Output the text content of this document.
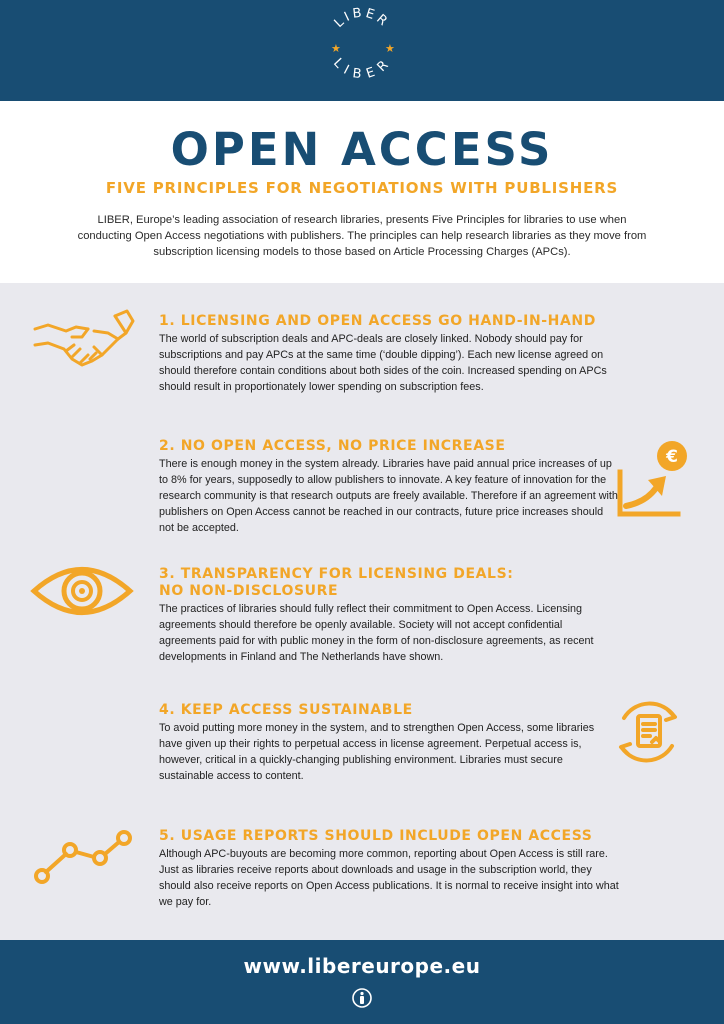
LIBER
LIBER
★	★
OPEN ACCESS
FIVE PRINCIPLES FOR NEGOTIATIONS WITH PUBLISHERS
LIBER, Europe’s leading association of research libraries, presents Five Principles for libraries to use when conducting Open Access negotiations with publishers. The principles can help research libraries as they move from subscription licensing models to those based on Article Processing Charges (APCs).
1. LICENSING AND OPEN ACCESS GO HAND-IN-HAND

The world of subscription deals and APC-deals are closely linked. Nobody should pay for subscriptions and pay APCs at the same time (‘double dipping’). Each new license agreed on should therefore contain conditions about both sides of the coin. Increased spending on APCs should result in proportionately lower spending on subscription fees.

2. NO OPEN ACCESS, NO PRICE INCREASE

There is enough money in the system already. Libraries have paid annual price increases of up to 8% for years, supposedly to allow publishers to innovate. A key feature of innovation for the research community is that research outputs are freely available. Therefore if an agreement with publishers on Open Access cannot be reached in our contracts, future price increases should not be accepted.

€
3. TRANSPARENCY FOR LICENSING DEALS:
NO NON-DISCLOSURE

The practices of libraries should fully reflect their commitment to Open Access. Licensing agreements should therefore be openly available. Society will not accept confidential agreements paid for with public money in the form of non-disclosure agreements, as recent developments in Finland and The Netherlands have shown.

4. KEEP ACCESS SUSTAINABLE

To avoid putting more money in the system, and to strengthen Open Access, some libraries have given up their rights to perpetual access in license agreement. Perpetual access is, however, critical in a quickly-changing publishing environment. Libraries must secure sustainable access to content.

5. USAGE REPORTS SHOULD INCLUDE OPEN ACCESS

Although APC-buyouts are becoming more common, reporting about Open Access is still rare. Just as libraries receive reports about downloads and usage in the subscription world, they should also receive reports on Open Access publications. It is normal to receive insight into what we pay for.

www.libereurope.eu
